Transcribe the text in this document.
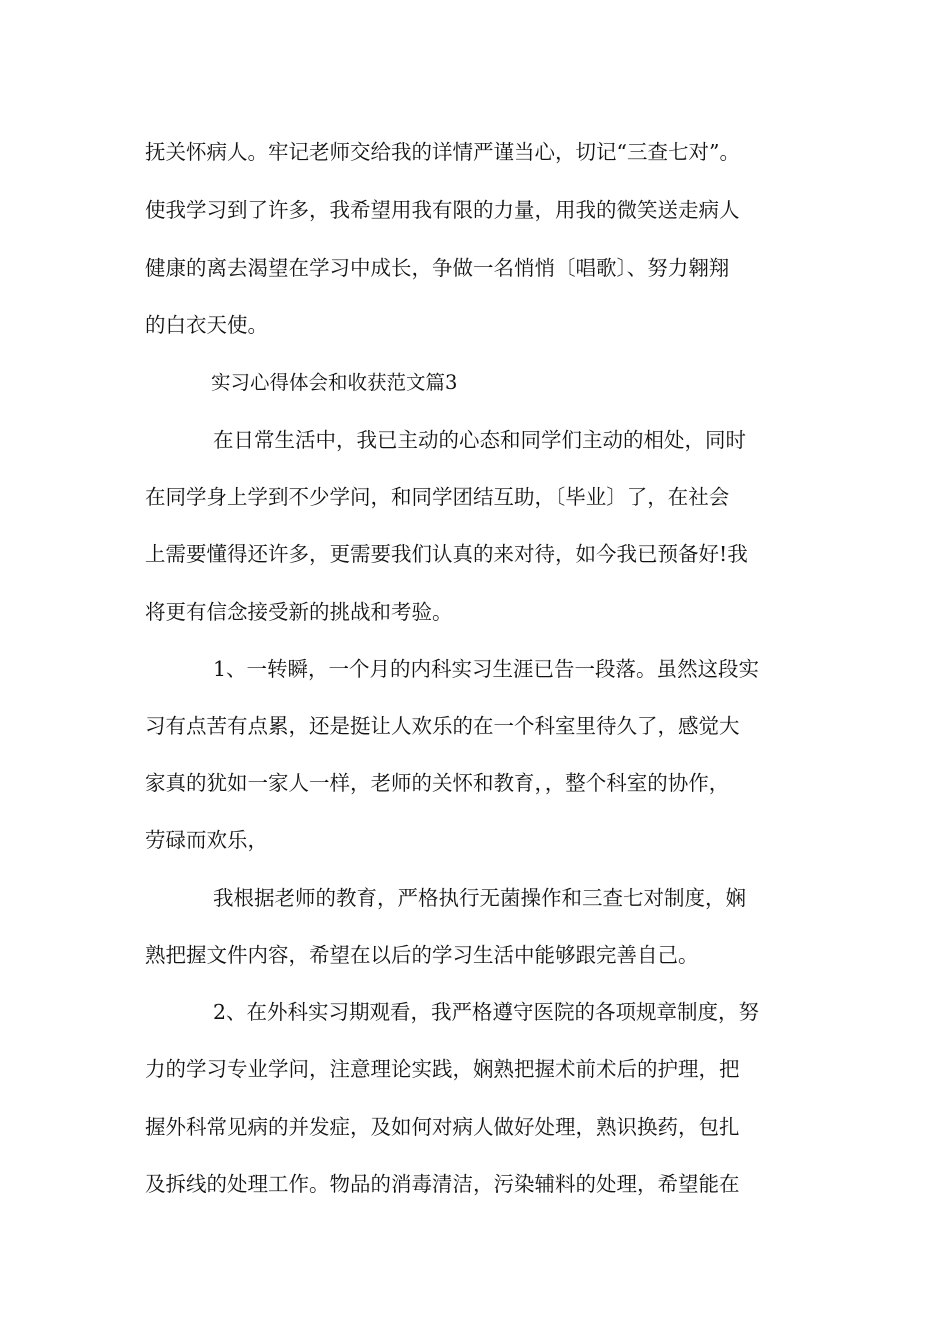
抚关怀病人。牢记老师交给我的详情严谨当心，切记“三查七对”。
使我学习到了许多，我希望用我有限的力量，用我的微笑送走病人
健康的离去渴望在学习中成长，争做一名悄悄〔唱歌〕、努力翱翔
的白衣天使。
实习心得体会和收获范文篇3
在日常生活中，我已主动的心态和同学们主动的相处，同时
在同学身上学到不少学问，和同学团结互助，〔毕业〕了，在社会
上需要懂得还许多，更需要我们认真的来对待，如今我已预备好!我
将更有信念接受新的挑战和考验。
1、一转瞬，一个月的内科实习生涯已告一段落。虽然这段实
习有点苦有点累，还是挺让人欢乐的在一个科室里待久了，感觉大
家真的犹如一家人一样，老师的关怀和教育，，整个科室的协作，
劳碌而欢乐，
我根据老师的教育，严格执行无菌操作和三查七对制度，娴
熟把握文件内容，希望在以后的学习生活中能够跟完善自己。
2、在外科实习期观看，我严格遵守医院的各项规章制度，努
力的学习专业学问，注意理论实践，娴熟把握术前术后的护理，把
握外科常见病的并发症，及如何对病人做好处理，熟识换药，包扎
及拆线的处理工作。物品的消毒清洁，污染辅料的处理，希望能在
